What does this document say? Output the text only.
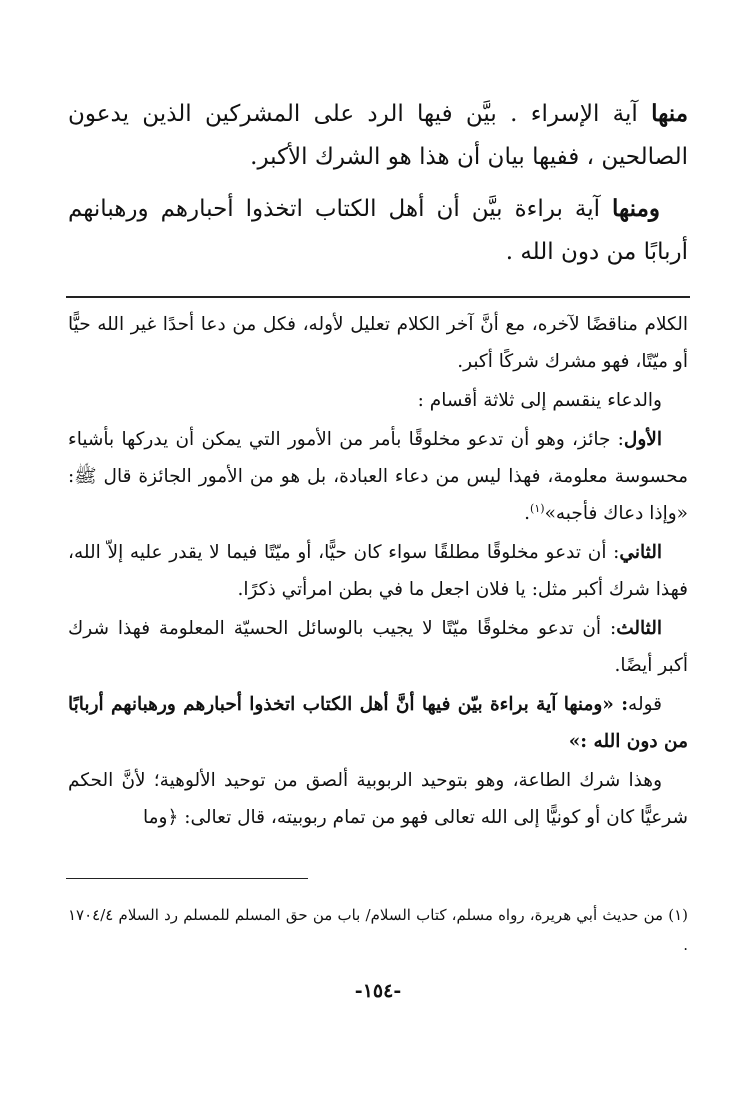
منها آية الإسراء . بيَّن فيها الرد على المشركين الذين يدعون الصالحين ، ففيها بيان أن هذا هو الشرك الأكبر.

ومنها آية براءة بيَّن أن أهل الكتاب اتخذوا أحبارهم ورهبانهم أربابًا من دون الله .

الكلام مناقضًا لآخره، مع أنَّ آخر الكلام تعليل لأوله، فكل من دعا أحدًا غير الله حيًّا أو ميّتًا، فهو مشرك شركًا أكبر.

والدعاء ينقسم إلى ثلاثة أقسام :

الأول: جائز، وهو أن تدعو مخلوقًا بأمر من الأمور التي يمكن أن يدركها بأشياء محسوسة معلومة، فهذا ليس من دعاء العبادة، بل هو من الأمور الجائزة قال ﷺ: «وإذا دعاك فأجبه»$^{(١)}$.

الثاني: أن تدعو مخلوقًا مطلقًا سواء كان حيًّا، أو ميّتًا فيما لا يقدر عليه إلاّ الله، فهذا شرك أكبر مثل: يا فلان اجعل ما في بطن امرأتي ذكرًا.

الثالث: أن تدعو مخلوقًا ميّتًا لا يجيب بالوسائل الحسيّة المعلومة فهذا شرك أكبر أيضًا.

قوله: «ومنها آية براءة بيّن فيها أنَّ أهل الكتاب اتخذوا أحبارهم ورهبانهم أربابًا من دون الله :»

وهذا شرك الطاعة، وهو بتوحيد الربوبية ألصق من توحيد الألوهية؛ لأنَّ الحكم شرعيًّا كان أو كونيًّا إلى الله تعالى فهو من تمام ربوبيته، قال تعالى: ﴿وما

(١) من حديث أبي هريرة، رواه مسلم، كتاب السلام/ باب من حق المسلم للمسلم رد السلام ١٧٠٤/٤ .

-١٥٤-
